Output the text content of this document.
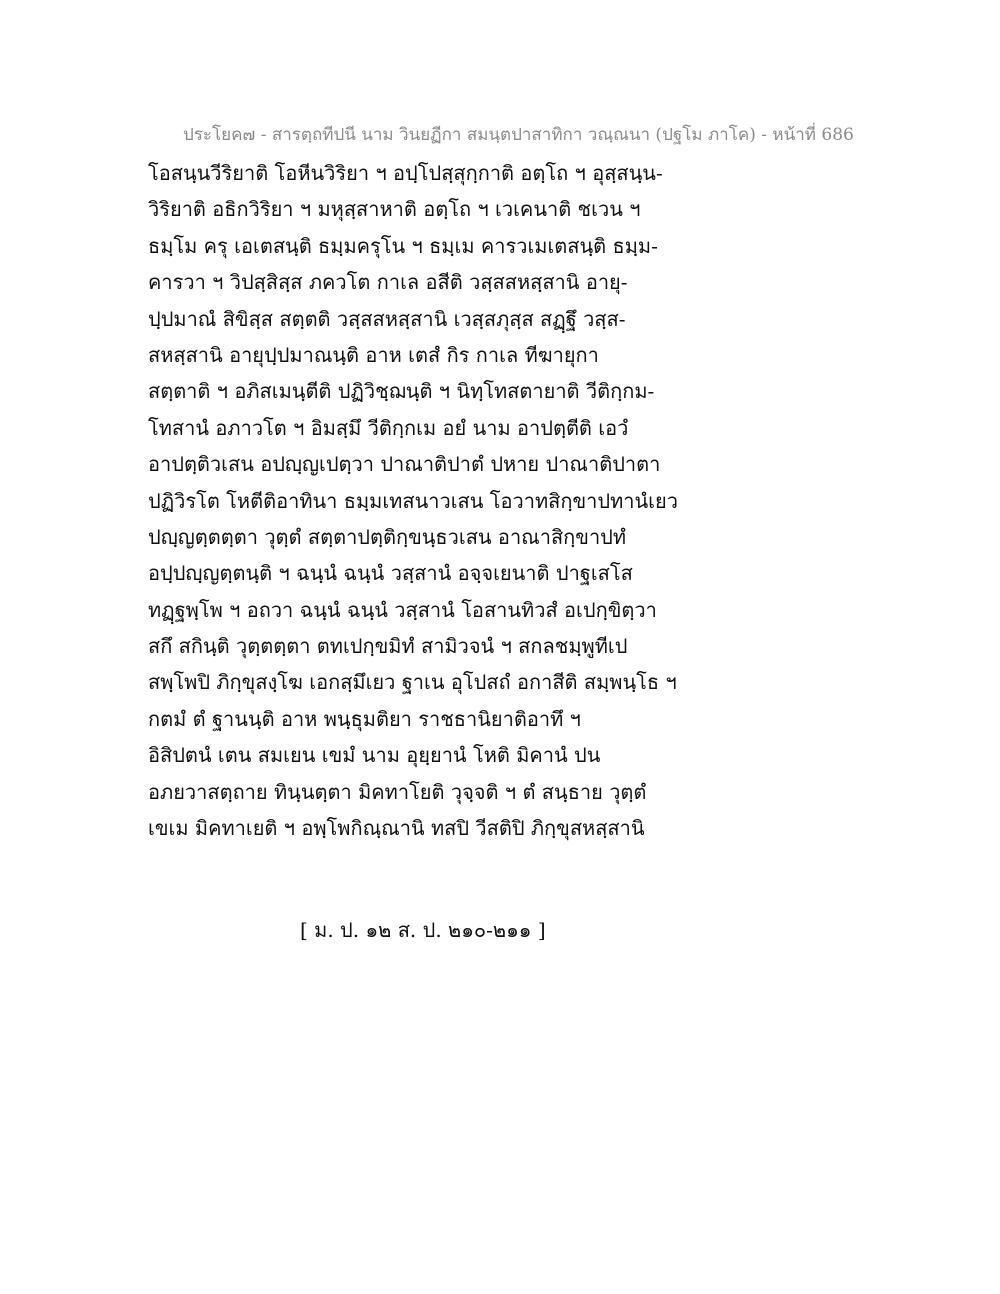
ประโยค๗ - สารตฺถทีปนี นาม วินยฏีกา สมนฺตปาสาทิกา วณฺณนา (ปฐโม ภาโค) - หน้าที่ 686
โอสนฺนวีริยาติ โอหีนวิริยา ฯ อปฺโปสฺสุกฺกาติ อตฺโถ ฯ อุสฺสนฺน-
วิริยาติ อธิกวิริยา ฯ มหุสฺสาหาติ อตฺโถ ฯ เวเคนาติ ชเวน ฯ
ธมฺโม ครุ เอเตสนฺติ ธมฺมครุโน ฯ ธมฺเม คารวเมเตสนฺติ ธมฺม-
คารวา ฯ วิปสฺสิสฺส ภควโต กาเล อสีติ วสฺสสหสฺสานิ อายุ-
ปฺปมาณํ สิขิสฺส สตฺตติ วสฺสสหสฺสานิ เวสฺสภุสฺส สฏฺฐึ วสฺส-
สหสฺสานิ อายุปฺปมาณนฺติ อาห เตสํ กิร กาเล ทีฆายุกา
สตฺตาติ ฯ อภิสเมนฺตีติ ปฏิวิชฺฌนฺติ ฯ นิทฺโทสตายาติ วีติกฺกม-
โทสานํ อภาวโต ฯ อิมสฺมึ วีติกฺกเม อยํ นาม อาปตฺตีติ เอวํ
อาปตฺติวเสน อปญฺญเปตฺวา ปาณาติปาตํ ปหาย ปาณาติปาตา
ปฏิวิรโต โหตีติอาทินา ธมฺมเทสนาวเสน โอวาทสิกฺขาปทานํเยว
ปญฺญตฺตตฺตา วุตฺตํ สตฺตาปตฺติกฺขนฺธวเสน อาณาสิกฺขาปทํ
อปฺปญฺญตฺตนฺติ ฯ ฉนฺนํ ฉนฺนํ วสฺสานํ อจฺจเยนาติ ปาฐเสโส
ทฏฺฐพฺโพ ฯ อถวา ฉนฺนํ ฉนฺนํ วสฺสานํ โอสานทิวสํ อเปกฺขิตฺวา
สกึ สกินฺติ วุตฺตตฺตา ตทเปกฺขมิทํ สามิวจนํ ฯ สกลชมฺพูทีเป
สพฺโพปิ ภิกฺขุสงฺโฆ เอกสฺมึเยว ฐาเน อุโปสถํ อกาสีติ สมฺพนฺโธ ฯ
กตมํ ตํ ฐานนฺติ อาห พนฺธุมติยา ราชธานิยาติอาทึ ฯ
อิสิปตนํ เตน สมเยน เขมํ นาม อุยฺยานํ โหติ มิคานํ ปน
อภยวาสตฺถาย ทินฺนตฺตา มิคทาโยติ วุจฺจติ ฯ ตํ สนฺธาย วุตฺตํ
เขเม มิคทาเยติ ฯ อพฺโพกิณฺณานิ ทสปิ วีสติปิ ภิกฺขุสหสฺสานิ
[ ม. ป. ๑๒ ส. ป. ๒๑๐-๒๑๑ ]
